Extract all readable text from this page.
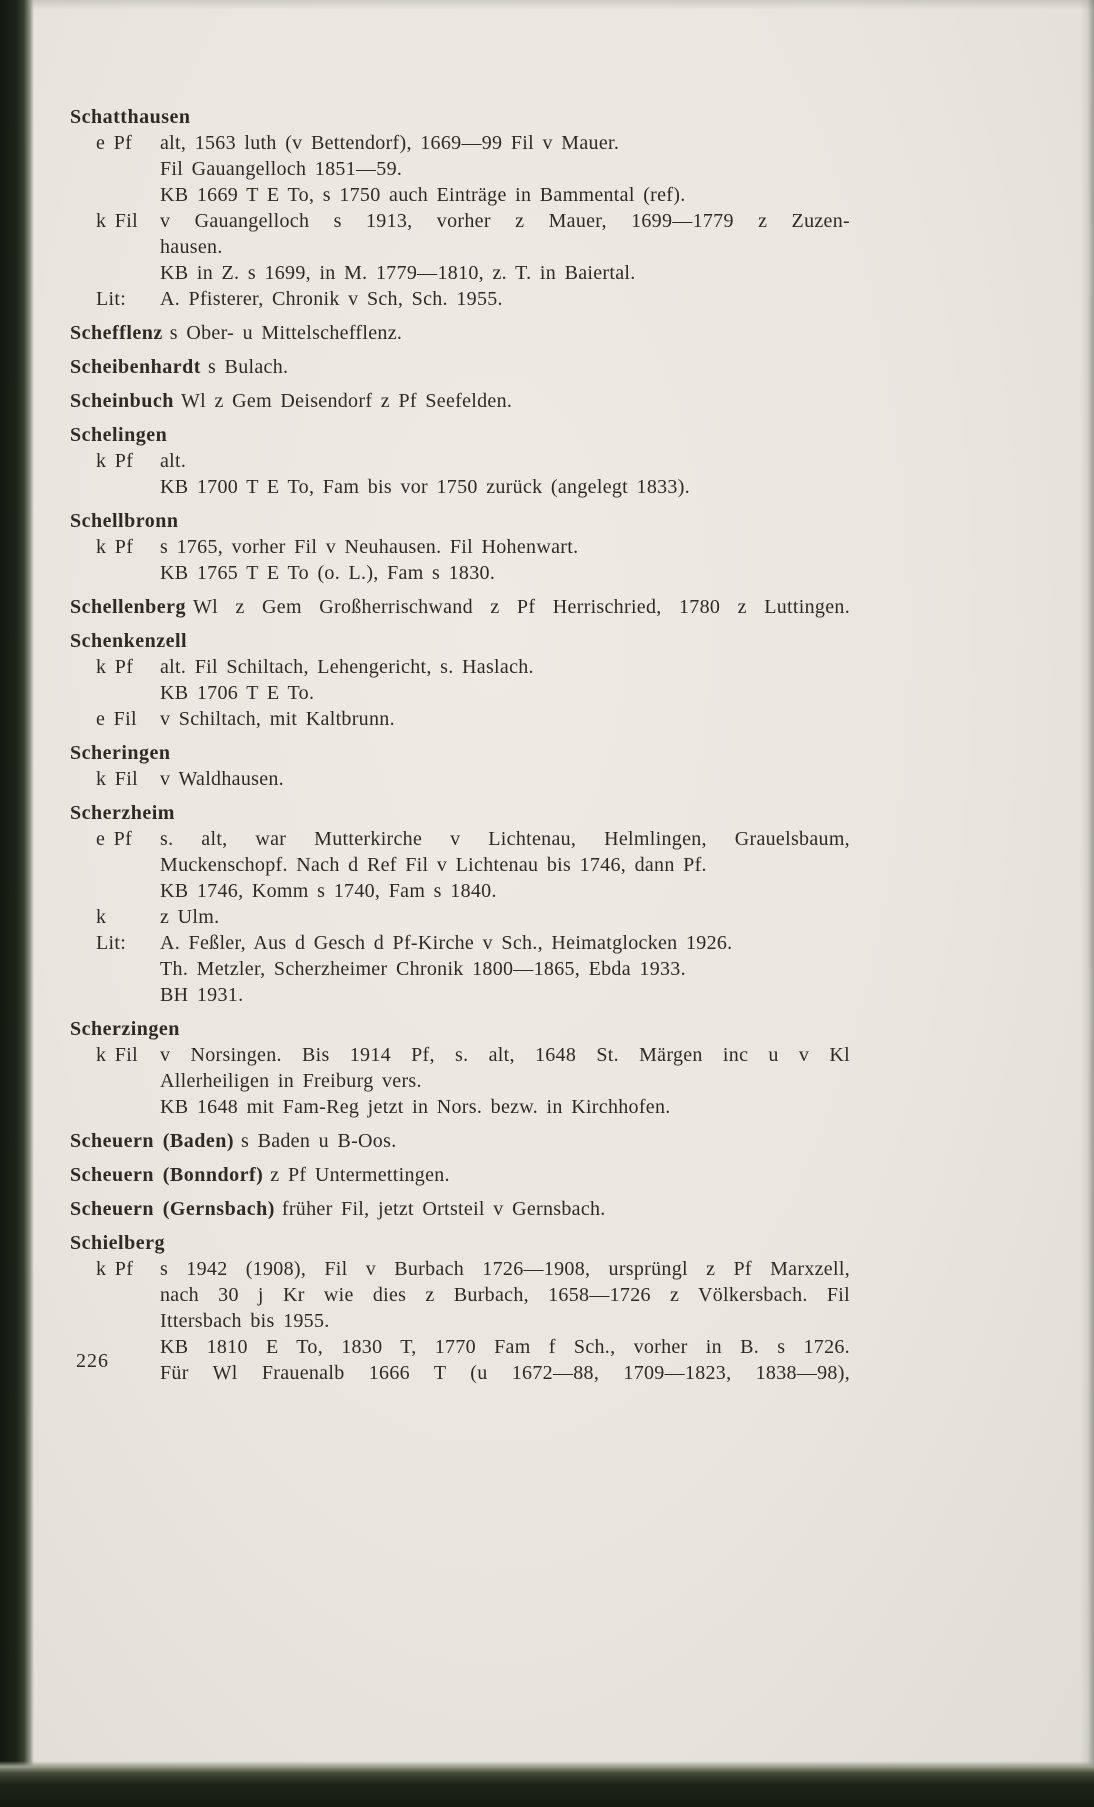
Schatthausen
e Pf	alt, 1563 luth (v Bettendorf), 1669—99 Fil v Mauer.
Fil Gauangelloch 1851—59.
KB 1669 T E To, s 1750 auch Einträge in Bammental (ref).
k Fil	v Gauangelloch s 1913, vorher z Mauer, 1699—1779 z Zuzen-
hausen.
KB in Z. s 1699, in M. 1779—1810, z. T. in Baiertal.
Lit:	A. Pfisterer, Chronik v Sch, Sch. 1955.
Schefflenz s Ober- u Mittelschefflenz.
Scheibenhardt s Bulach.
Scheinbuch Wl z Gem Deisendorf z Pf Seefelden.
Schelingen
k Pf	alt.
KB 1700 T E To, Fam bis vor 1750 zurück (angelegt 1833).
Schellbronn
k Pf	s 1765, vorher Fil v Neuhausen. Fil Hohenwart.
KB 1765 T E To (o. L.), Fam s 1830.
Schellenberg Wl z Gem Großherrischwand z Pf Herrischried, 1780 z Luttingen.
Schenkenzell
k Pf	alt. Fil Schiltach, Lehengericht, s. Haslach.
KB 1706 T E To.
e Fil	v Schiltach, mit Kaltbrunn.
Scheringen
k Fil	v Waldhausen.
Scherzheim
e Pf	s. alt, war Mutterkirche v Lichtenau, Helmlingen, Grauelsbaum,
Muckenschopf. Nach d Ref Fil v Lichtenau bis 1746, dann Pf.
KB 1746, Komm s 1740, Fam s 1840.
k	z Ulm.
Lit:	A. Feßler, Aus d Gesch d Pf-Kirche v Sch., Heimatglocken 1926.
Th. Metzler, Scherzheimer Chronik 1800—1865, Ebda 1933.
BH 1931.
Scherzingen
k Fil	v Norsingen. Bis 1914 Pf, s. alt, 1648 St. Märgen inc u v Kl
Allerheiligen in Freiburg vers.
KB 1648 mit Fam-Reg jetzt in Nors. bezw. in Kirchhofen.
Scheuern (Baden) s Baden u B-Oos.
Scheuern (Bonndorf) z Pf Untermettingen.
Scheuern (Gernsbach) früher Fil, jetzt Ortsteil v Gernsbach.
Schielberg
k Pf	s 1942 (1908), Fil v Burbach 1726—1908, ursprüngl z Pf Marxzell,
nach 30 j Kr wie dies z Burbach, 1658—1726 z Völkersbach. Fil
Ittersbach bis 1955.
KB 1810 E To, 1830 T, 1770 Fam f Sch., vorher in B. s 1726.
Für Wl Frauenalb 1666 T (u 1672—88, 1709—1823, 1838—98),
226
